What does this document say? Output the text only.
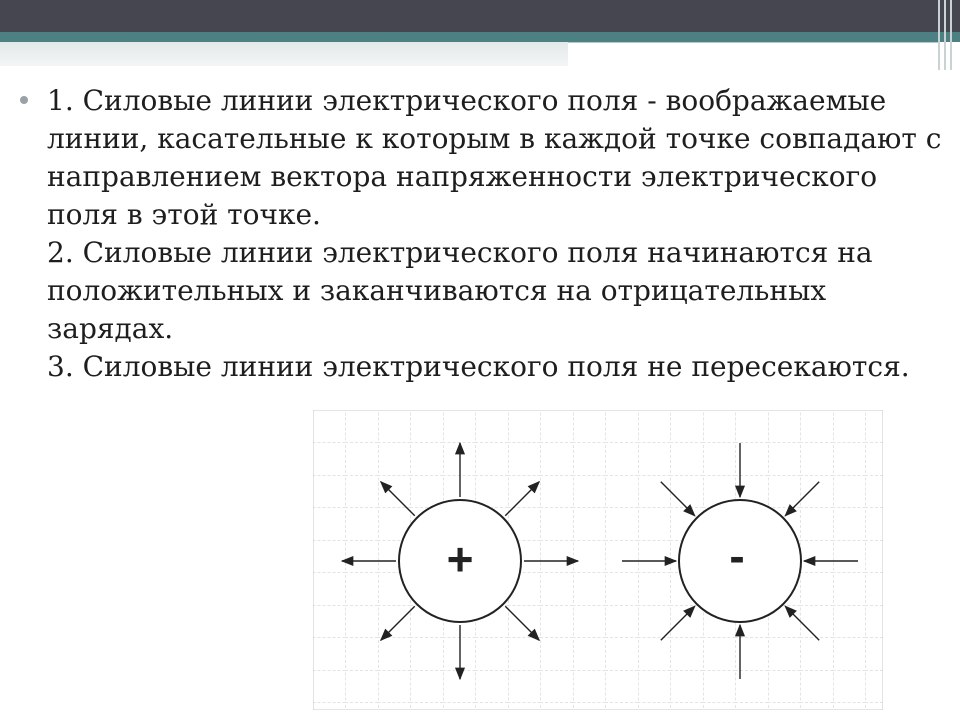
1. Силовые линии электрического поля - воображаемые линии, касательные к которым в каждой точке совпадают с направлением вектора напряженности электрического поля в этой точке.

2. Силовые линии электрического поля начинаются на положительных и заканчиваются на отрицательных зарядах.

3. Силовые линии электрического поля не пересекаются.

+	-
